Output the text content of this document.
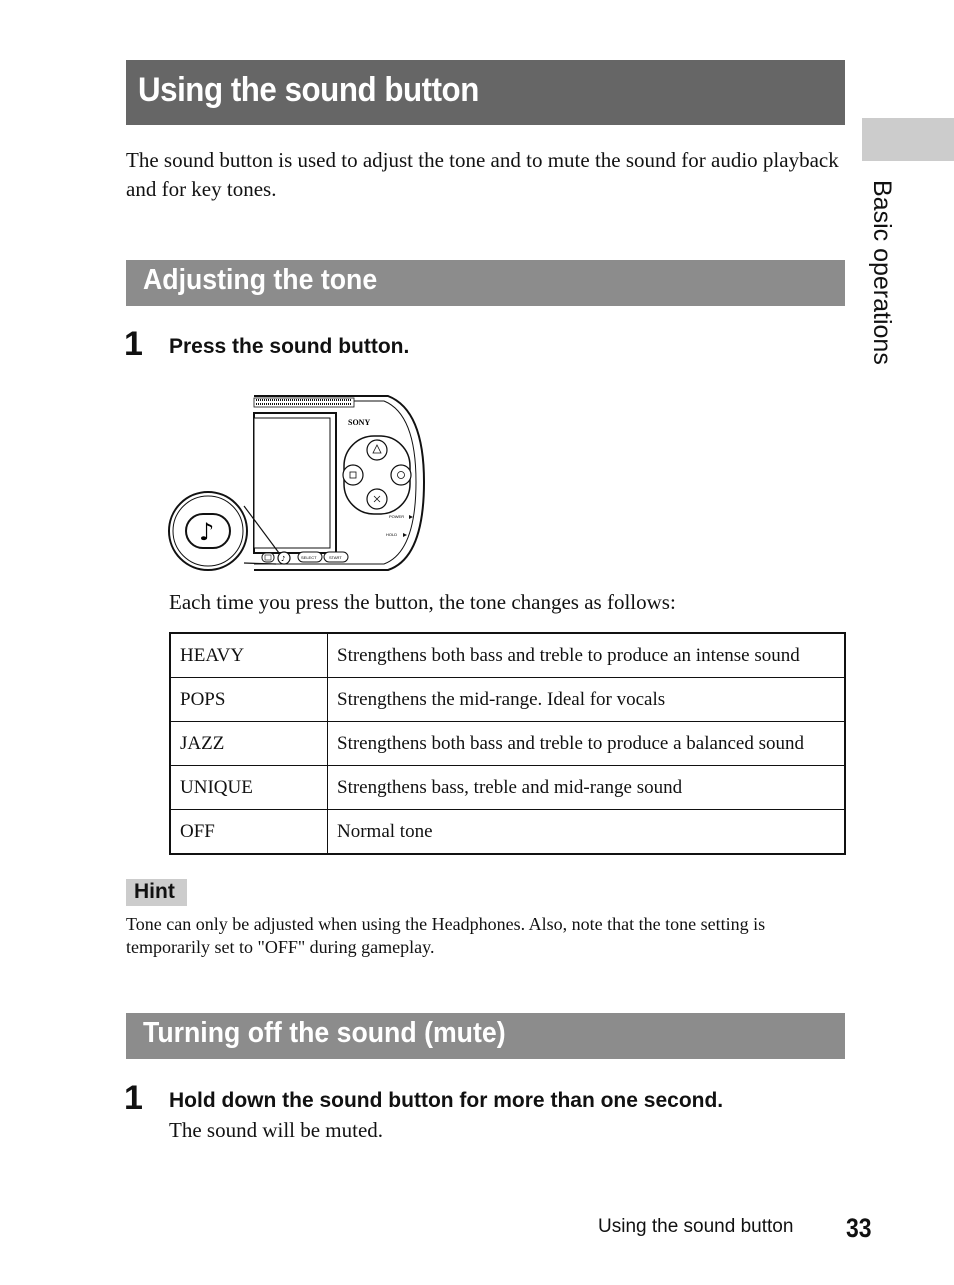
Using the sound button
Basic operations
The sound button is used to adjust the tone and to mute the sound for audio playback and for key tones.
Adjusting the tone
1 Press the sound button.
SONY
POWER
HOLD
♪	SELECT	START
♪
Each time you press the button, the tone changes as follows:
HEAVY	Strengthens both bass and treble to produce an intense sound
POPS	Strengthens the mid-range. Ideal for vocals
JAZZ	Strengthens both bass and treble to produce a balanced sound
UNIQUE	Strengthens bass, treble and mid-range sound
OFF	Normal tone
Hint
Tone can only be adjusted when using the Headphones. Also, note that the tone setting is temporarily set to "OFF" during gameplay.
Turning off the sound (mute)
1 Hold down the sound button for more than one second.
The sound will be muted.
Using the sound button 33
